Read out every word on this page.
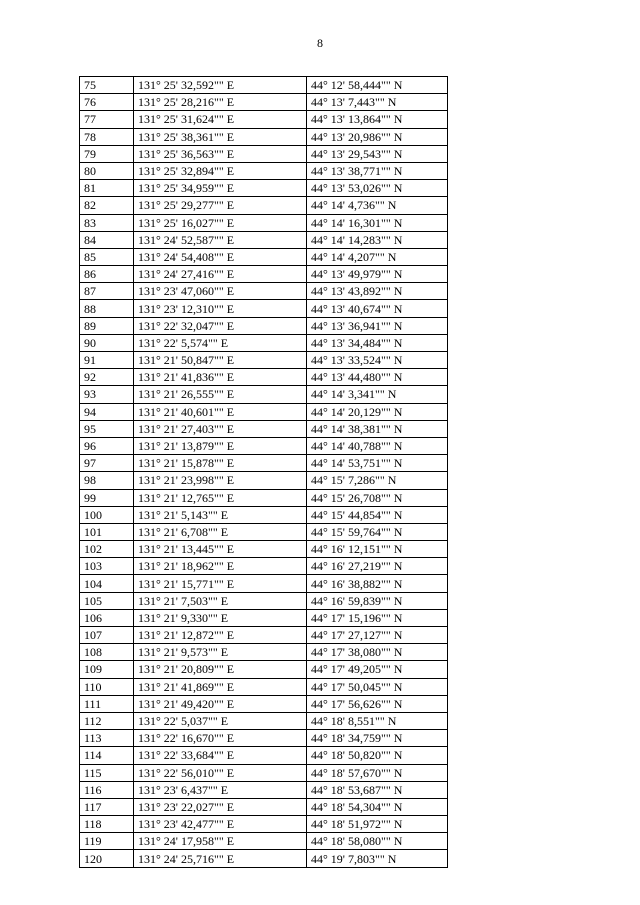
8
75	131° 25' 32,592"" E	44° 12' 58,444"" N
76	131° 25' 28,216"" E	44° 13' 7,443"" N
77	131° 25' 31,624"" E	44° 13' 13,864"" N
78	131° 25' 38,361"" E	44° 13' 20,986"" N
79	131° 25' 36,563"" E	44° 13' 29,543"" N
80	131° 25' 32,894"" E	44° 13' 38,771"" N
81	131° 25' 34,959"" E	44° 13' 53,026"" N
82	131° 25' 29,277"" E	44° 14' 4,736"" N
83	131° 25' 16,027"" E	44° 14' 16,301"" N
84	131° 24' 52,587"" E	44° 14' 14,283"" N
85	131° 24' 54,408"" E	44° 14' 4,207"" N
86	131° 24' 27,416"" E	44° 13' 49,979"" N
87	131° 23' 47,060"" E	44° 13' 43,892"" N
88	131° 23' 12,310"" E	44° 13' 40,674"" N
89	131° 22' 32,047"" E	44° 13' 36,941"" N
90	131° 22' 5,574"" E	44° 13' 34,484"" N
91	131° 21' 50,847"" E	44° 13' 33,524"" N
92	131° 21' 41,836"" E	44° 13' 44,480"" N
93	131° 21' 26,555"" E	44° 14' 3,341"" N
94	131° 21' 40,601"" E	44° 14' 20,129"" N
95	131° 21' 27,403"" E	44° 14' 38,381"" N
96	131° 21' 13,879"" E	44° 14' 40,788"" N
97	131° 21' 15,878"" E	44° 14' 53,751"" N
98	131° 21' 23,998"" E	44° 15' 7,286"" N
99	131° 21' 12,765"" E	44° 15' 26,708"" N
100	131° 21' 5,143"" E	44° 15' 44,854"" N
101	131° 21' 6,708"" E	44° 15' 59,764"" N
102	131° 21' 13,445"" E	44° 16' 12,151"" N
103	131° 21' 18,962"" E	44° 16' 27,219"" N
104	131° 21' 15,771"" E	44° 16' 38,882"" N
105	131° 21' 7,503"" E	44° 16' 59,839"" N
106	131° 21' 9,330"" E	44° 17' 15,196"" N
107	131° 21' 12,872"" E	44° 17' 27,127"" N
108	131° 21' 9,573"" E	44° 17' 38,080"" N
109	131° 21' 20,809"" E	44° 17' 49,205"" N
110	131° 21' 41,869"" E	44° 17' 50,045"" N
111	131° 21' 49,420"" E	44° 17' 56,626"" N
112	131° 22' 5,037"" E	44° 18' 8,551"" N
113	131° 22' 16,670"" E	44° 18' 34,759"" N
114	131° 22' 33,684"" E	44° 18' 50,820"" N
115	131° 22' 56,010"" E	44° 18' 57,670"" N
116	131° 23' 6,437"" E	44° 18' 53,687"" N
117	131° 23' 22,027"" E	44° 18' 54,304"" N
118	131° 23' 42,477"" E	44° 18' 51,972"" N
119	131° 24' 17,958"" E	44° 18' 58,080"" N
120	131° 24' 25,716"" E	44° 19' 7,803"" N
